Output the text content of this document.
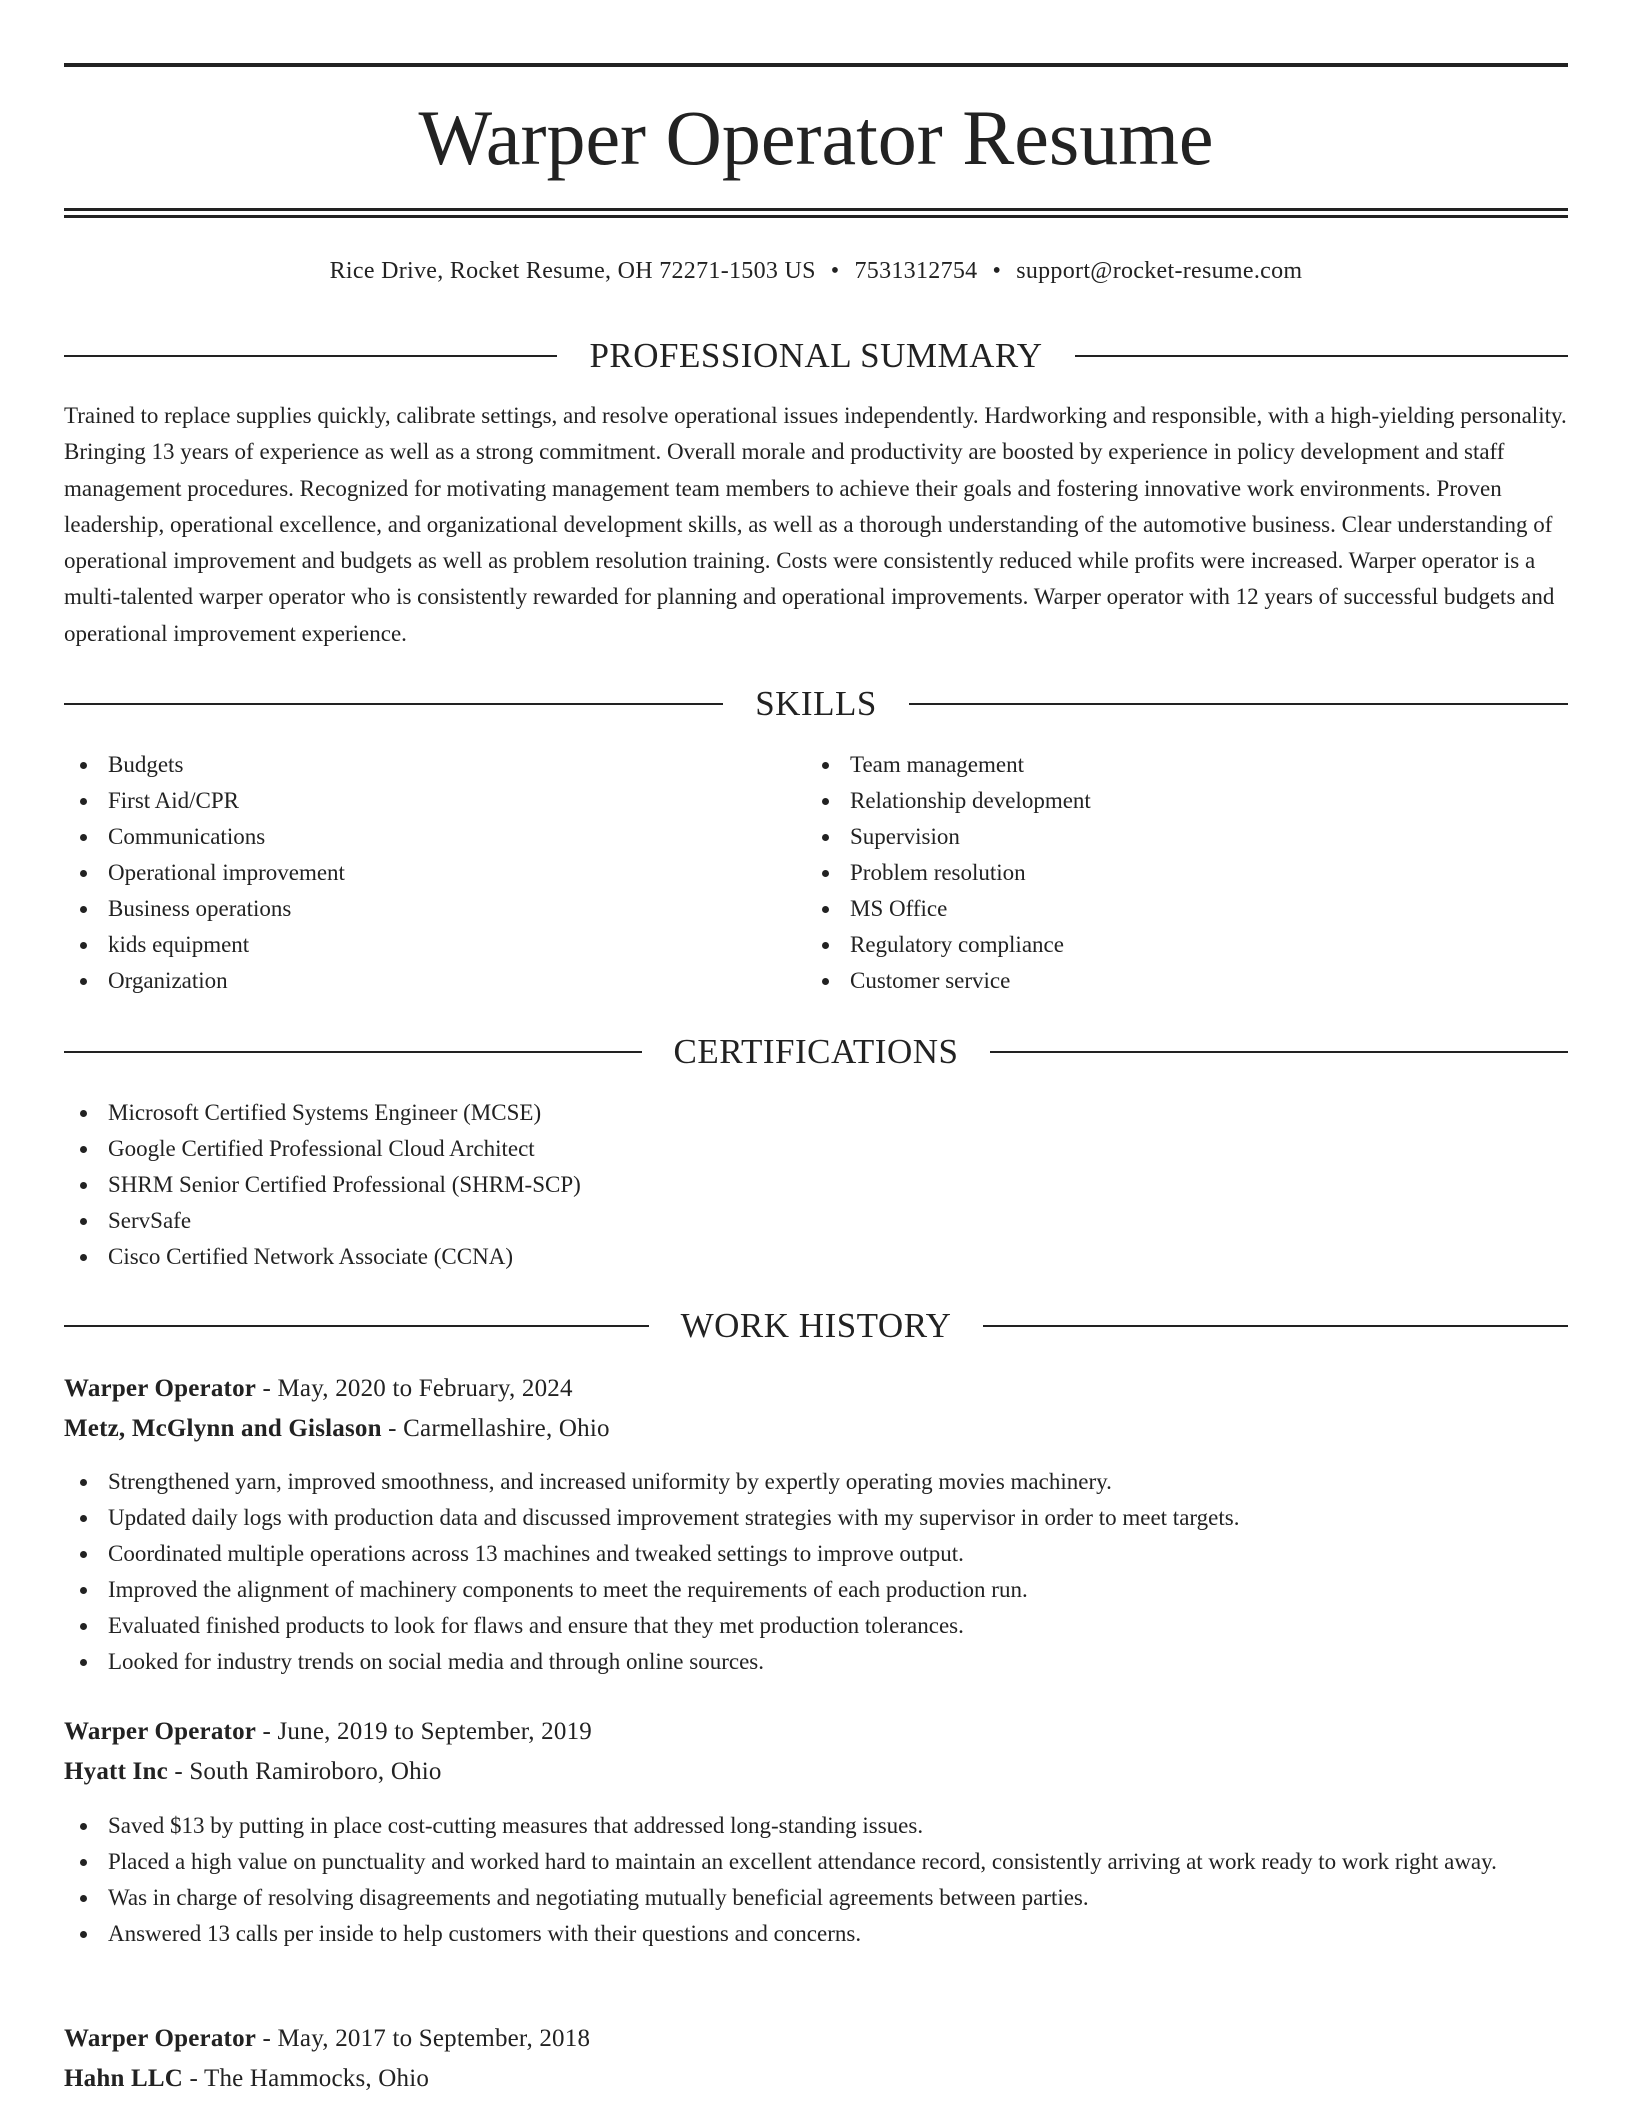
Warper Operator Resume
Rice Drive, Rocket Resume, OH 72271-1503 US • 7531312754 • support@rocket-resume.com
PROFESSIONAL SUMMARY

Trained to replace supplies quickly, calibrate settings, and resolve operational issues independently. Hardworking and responsible, with a high-yielding personality. Bringing 13 years of experience as well as a strong commitment. Overall morale and productivity are boosted by experience in policy development and staff management procedures. Recognized for motivating management team members to achieve their goals and fostering innovative work environments. Proven leadership, operational excellence, and organizational development skills, as well as a thorough understanding of the automotive business. Clear understanding of operational improvement and budgets as well as problem resolution training. Costs were consistently reduced while profits were increased. Warper operator is a multi-talented warper operator who is consistently rewarded for planning and operational improvements. Warper operator with 12 years of successful budgets and operational improvement experience.

SKILLS
Budgets
First Aid/CPR
Communications
Operational improvement
Business operations
kids equipment
Organization
Team management
Relationship development
Supervision
Problem resolution
MS Office
Regulatory compliance
Customer service
CERTIFICATIONS
Microsoft Certified Systems Engineer (MCSE)
Google Certified Professional Cloud Architect
SHRM Senior Certified Professional (SHRM-SCP)
ServSafe
Cisco Certified Network Associate (CCNA)
WORK HISTORY
Warper Operator - May, 2020 to February, 2024
Metz, McGlynn and Gislason - Carmellashire, Ohio
Strengthened yarn, improved smoothness, and increased uniformity by expertly operating movies machinery.
Updated daily logs with production data and discussed improvement strategies with my supervisor in order to meet targets.
Coordinated multiple operations across 13 machines and tweaked settings to improve output.
Improved the alignment of machinery components to meet the requirements of each production run.
Evaluated finished products to look for flaws and ensure that they met production tolerances.
Looked for industry trends on social media and through online sources.
Warper Operator - June, 2019 to September, 2019
Hyatt Inc - South Ramiroboro, Ohio
Saved $13 by putting in place cost-cutting measures that addressed long-standing issues.
Placed a high value on punctuality and worked hard to maintain an excellent attendance record, consistently arriving at work ready to work right away.
Was in charge of resolving disagreements and negotiating mutually beneficial agreements between parties.
Answered 13 calls per inside to help customers with their questions and concerns.
Warper Operator - May, 2017 to September, 2018
Hahn LLC - The Hammocks, Ohio
